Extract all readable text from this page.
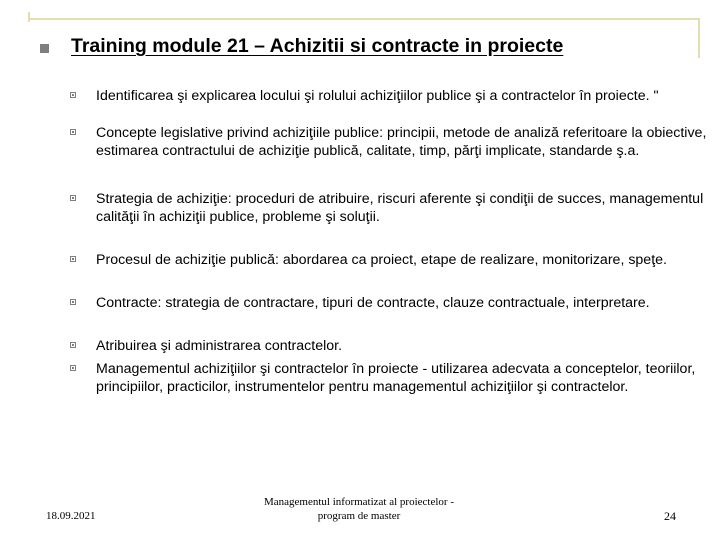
Training module 21 – Achizitii si contracte in proiecte
Identificarea şi explicarea locului şi rolului achiziţiilor publice şi a contractelor în proiecte. "
Concepte legislative privind achiziţiile publice: principii, metode de analiză referitoare la obiective, estimarea contractului de achiziţie publică, calitate, timp, părţi implicate, standarde ş.a.
Strategia de achiziţie: proceduri de atribuire, riscuri aferente şi condiţii de succes, managementul calităţii în achiziţii publice, probleme şi soluţii.
Procesul de achiziţie publică: abordarea ca proiect, etape de realizare, monitorizare, speţe.
Contracte: strategia de contractare, tipuri de contracte, clauze contractuale, interpretare.
Atribuirea şi administrarea contractelor.
Managementul achiziţiilor şi contractelor în proiecte - utilizarea adecvata a conceptelor, teoriilor, principiilor, practicilor, instrumentelor pentru managementul achiziţiilor şi contractelor.
18.09.2021
Managementul informatizat al proiectelor -
program de master	24
